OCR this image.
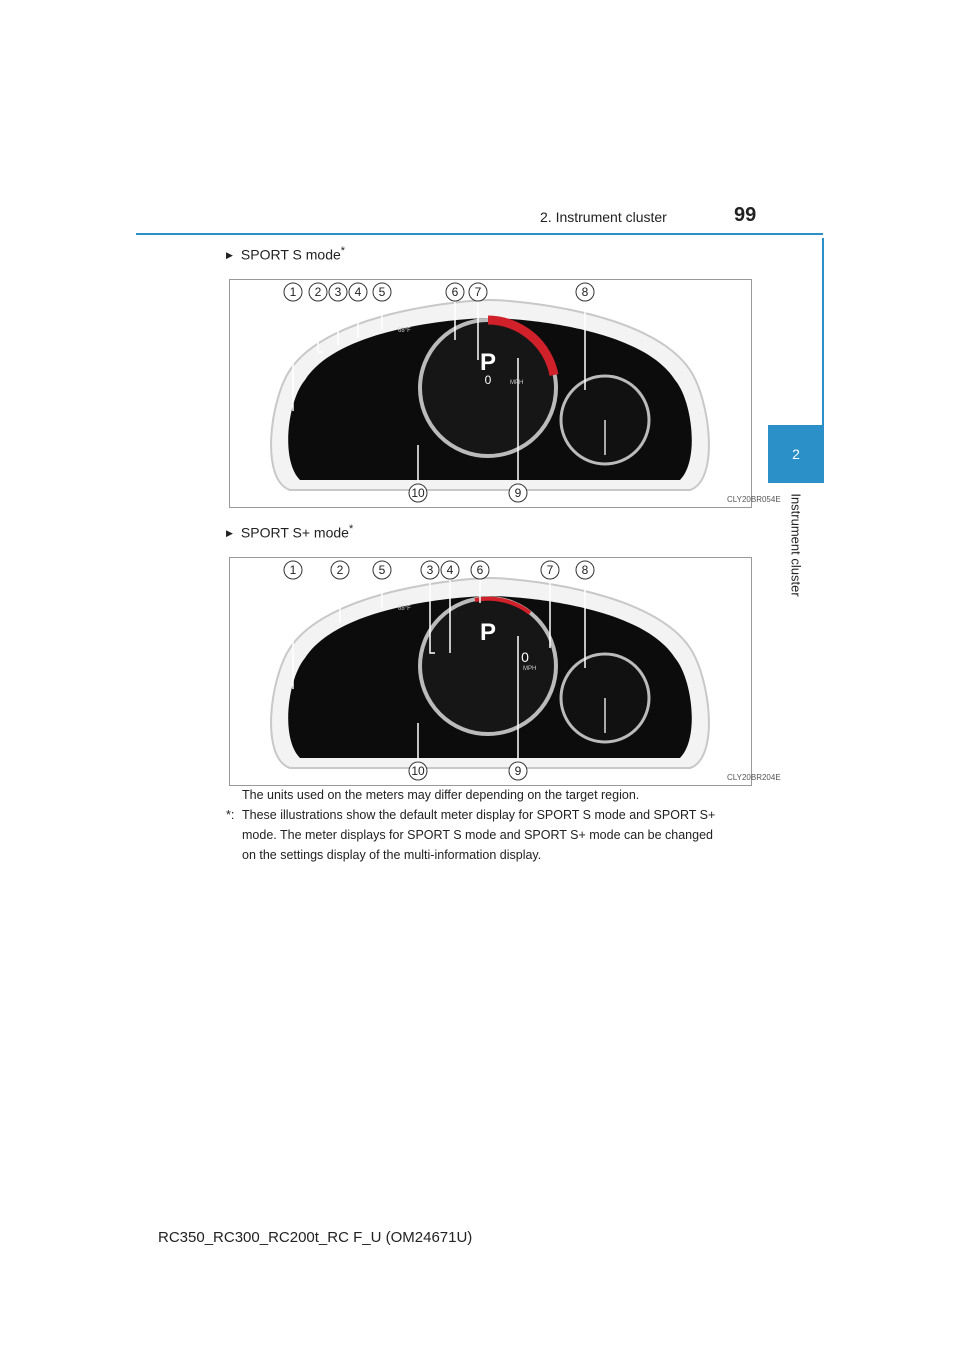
2. Instrument cluster	99
2
Instrument cluster
▶ SPORT S mode*
P
0	MPH
68°F
CLY20BR054E
1 2 3 4 5	6 7	8
10	9
▶ SPORT S+ mode*
P
0
MPH
68°F
CLY20BR204E
1	2	5	3 4 6	7 8
10	9
The units used on the meters may differ depending on the target region.
*: These illustrations show the default meter display for SPORT S mode and SPORT S+
mode. The meter displays for SPORT S mode and SPORT S+ mode can be changed
on the settings display of the multi-information display.
RC350_RC300_RC200t_RC F_U (OM24671U)
